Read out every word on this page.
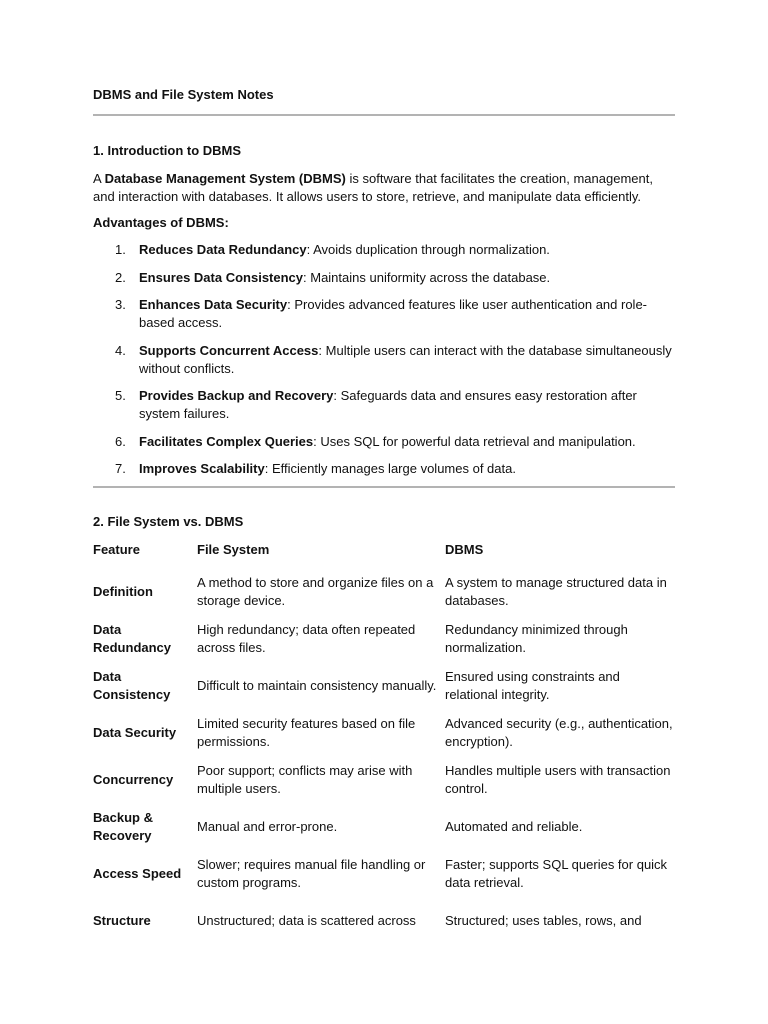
DBMS and File System Notes
1. Introduction to DBMS

A Database Management System (DBMS) is software that facilitates the creation, management, and interaction with databases. It allows users to store, retrieve, and manipulate data efficiently.

Advantages of DBMS:
1. Reduces Data Redundancy: Avoids duplication through normalization.
2. Ensures Data Consistency: Maintains uniformity across the database.
3. Enhances Data Security: Provides advanced features like user authentication and role-based access.
4. Supports Concurrent Access: Multiple users can interact with the database simultaneously without conflicts.
5. Provides Backup and Recovery: Safeguards data and ensures easy restoration after system failures.
6. Facilitates Complex Queries: Uses SQL for powerful data retrieval and manipulation.
7. Improves Scalability: Efficiently manages large volumes of data.
2. File System vs. DBMS
Feature	File System	DBMS
Definition	A method to store and organize files on a storage device.	A system to manage structured data in databases.
Data Redundancy	High redundancy; data often repeated across files.	Redundancy minimized through normalization.
Data Consistency	Difficult to maintain consistency manually.	Ensured using constraints and relational integrity.
Data Security	Limited security features based on file permissions.	Advanced security (e.g., authentication, encryption).
Concurrency	Poor support; conflicts may arise with multiple users.	Handles multiple users with transaction control.
Backup & Recovery	Manual and error-prone.	Automated and reliable.
Access Speed	Slower; requires manual file handling or custom programs.	Faster; supports SQL queries for quick data retrieval.
Structure	Unstructured; data is scattered across	Structured; uses tables, rows, and
